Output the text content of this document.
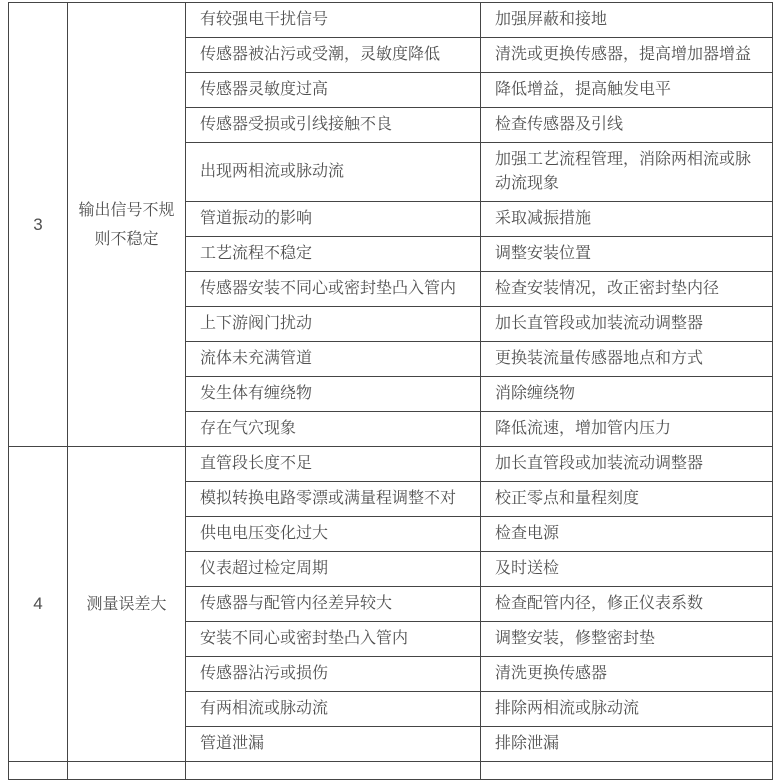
3	输出信号不规则不稳定	有较强电干扰信号	加强屏蔽和接地
		传感器被沾污或受潮，灵敏度降低	清洗或更换传感器，提高增加器增益
		传感器灵敏度过高	降低增益，提高触发电平
		传感器受损或引线接触不良	检查传感器及引线
		出现两相流或脉动流	加强工艺流程管理，消除两相流或脉动流现象
		管道振动的影响	采取减振措施
		工艺流程不稳定	调整安装位置
		传感器安装不同心或密封垫凸入管内	检查安装情况，改正密封垫内径
		上下游阀门扰动	加长直管段或加装流动调整器
		流体未充满管道	更换装流量传感器地点和方式
		发生体有缠绕物	消除缠绕物
		存在气穴现象	降低流速，增加管内压力
4	测量误差大	直管段长度不足	加长直管段或加装流动调整器
		模拟转换电路零漂或满量程调整不对	校正零点和量程刻度
		供电电压变化过大	检查电源
		仪表超过检定周期	及时送检
		传感器与配管内径差异较大	检查配管内径，修正仪表系数
		安装不同心或密封垫凸入管内	调整安装，修整密封垫
		传感器沾污或损伤	清洗更换传感器
		有两相流或脉动流	排除两相流或脉动流
		管道泄漏	排除泄漏
